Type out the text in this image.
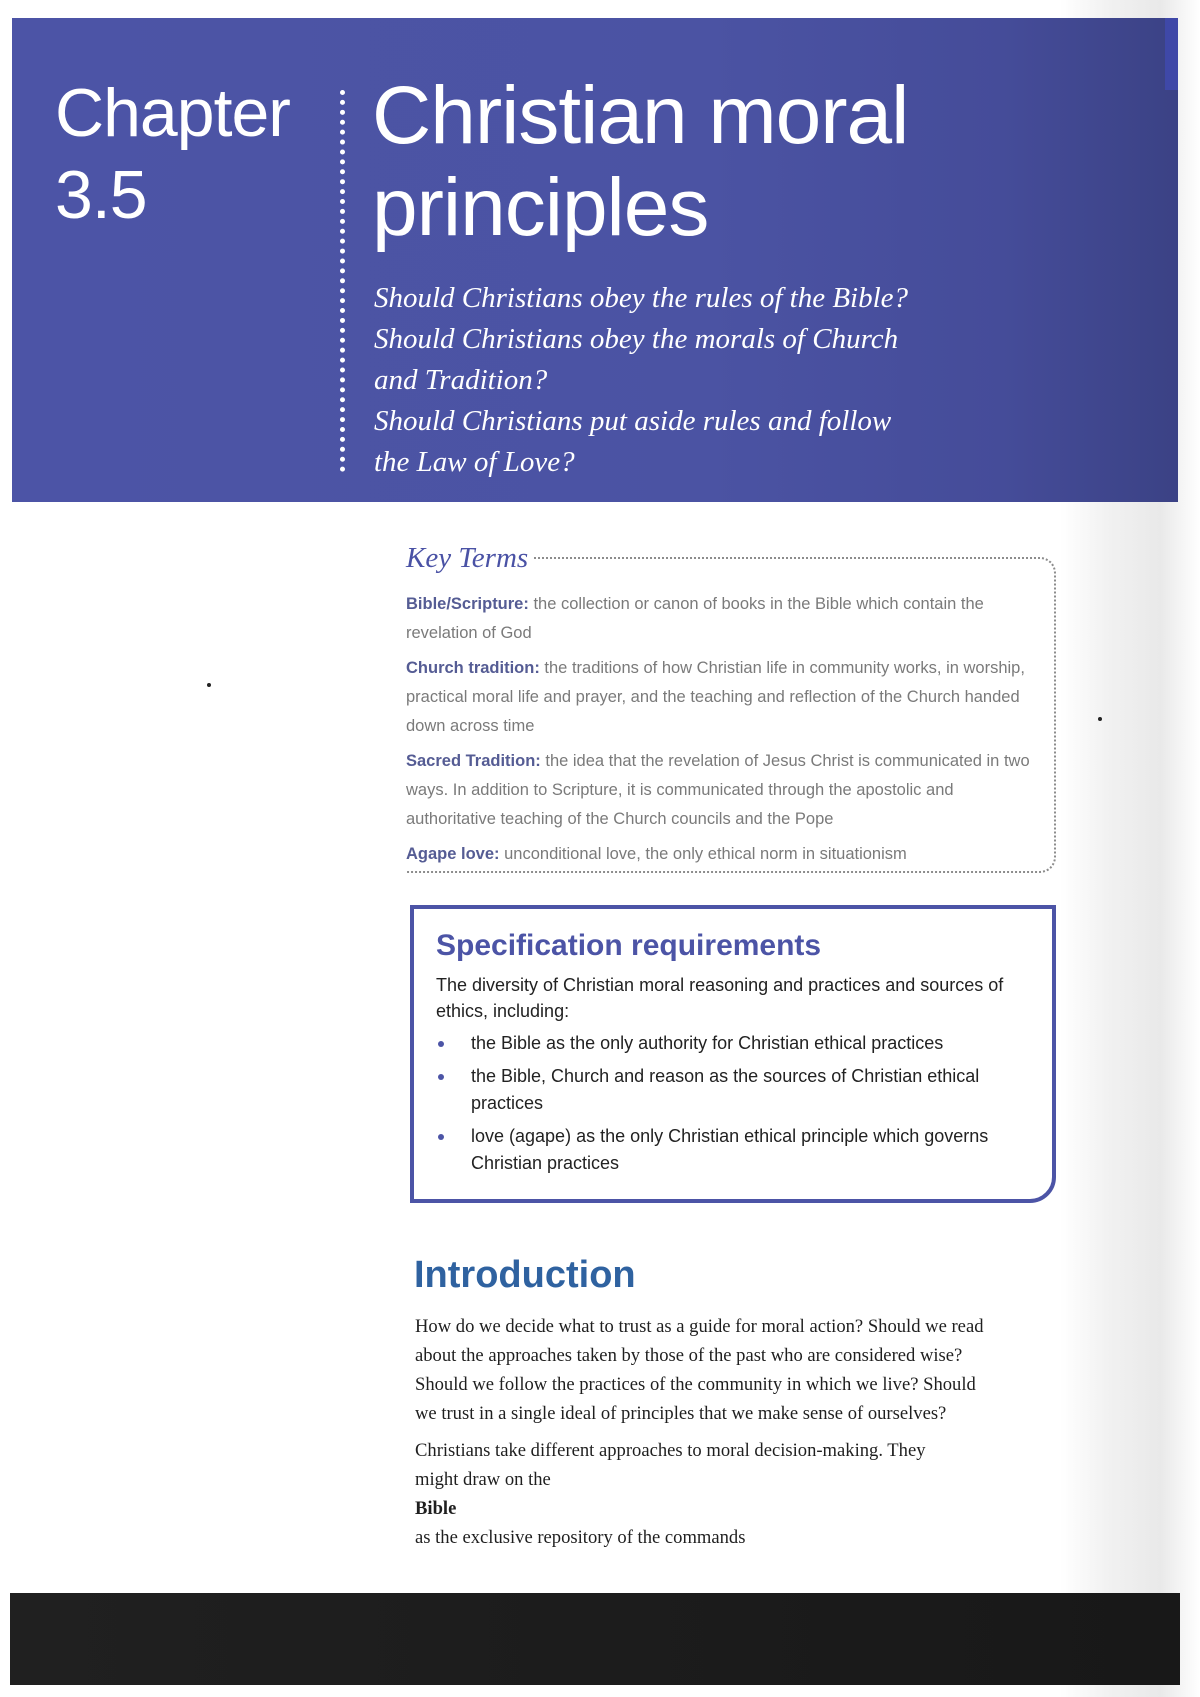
Chapter
3.5
Christian moral
principles
Should Christians obey the rules of the Bible?
Should Christians obey the morals of Church
and Tradition?
Should Christians put aside rules and follow
the Law of Love?
Key Terms

Bible/Scripture: the collection or canon of books in the Bible which contain the revelation of God

Church tradition: the traditions of how Christian life in community works, in worship, practical moral life and prayer, and the teaching and reflection of the Church handed down across time

Sacred Tradition: the idea that the revelation of Jesus Christ is communicated in two ways. In addition to Scripture, it is communicated through the apostolic and authoritative teaching of the Church councils and the Pope

Agape love: unconditional love, the only ethical norm in situationism

Specification requirements
The diversity of Christian moral reasoning and practices and sources of ethics, including:
the Bible as the only authority for Christian ethical practices
the Bible, Church and reason as the sources of Christian ethical practices
love (agape) as the only Christian ethical principle which governs Christian practices
Introduction
How do we decide what to trust as a guide for moral action? Should we read
about the approaches taken by those of the past who are considered wise?
Should we follow the practices of the community in which we live? Should
we trust in a single ideal of principles that we make sense of ourselves?
Christians take different approaches to moral decision-making. They
might draw on the
Bible
as the exclusive repository of the commands
